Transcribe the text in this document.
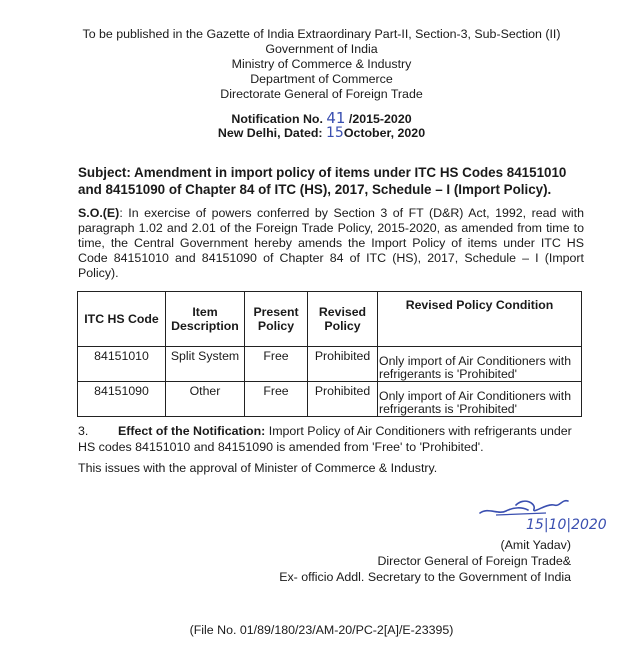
To be published in the Gazette of India Extraordinary Part-II, Section-3, Sub-Section (II)
Government of India
Ministry of Commerce & Industry
Department of Commerce
Directorate General of Foreign Trade
Notification No. 41 /2015-2020
New Delhi, Dated: 15October, 2020
Subject: Amendment in import policy of items under ITC HS Codes 84151010 and 84151090 of Chapter 84 of ITC (HS), 2017, Schedule – I (Import Policy).
S.O.(E): In exercise of powers conferred by Section 3 of FT (D&R) Act, 1992, read with paragraph 1.02 and 2.01 of the Foreign Trade Policy, 2015-2020, as amended from time to time, the Central Government hereby amends the Import Policy of items under ITC HS Code 84151010 and 84151090 of Chapter 84 of ITC (HS), 2017, Schedule – I (Import Policy).
ITC HS Code	Item Description	Present Policy	Revised Policy	Revised Policy Condition
84151010	Split System	Free	Prohibited	Only import of Air Conditioners with refrigerants is 'Prohibited'
84151090	Other	Free	Prohibited	Only import of Air Conditioners with refrigerants is 'Prohibited'
3. Effect of the Notification: Import Policy of Air Conditioners with refrigerants under HS codes 84151010 and 84151090 is amended from 'Free' to 'Prohibited'.
This issues with the approval of Minister of Commerce & Industry.
15|10|2020
(Amit Yadav)
Director General of Foreign Trade&
Ex- officio Addl. Secretary to the Government of India
(File No. 01/89/180/23/AM-20/PC-2[A]/E-23395)
